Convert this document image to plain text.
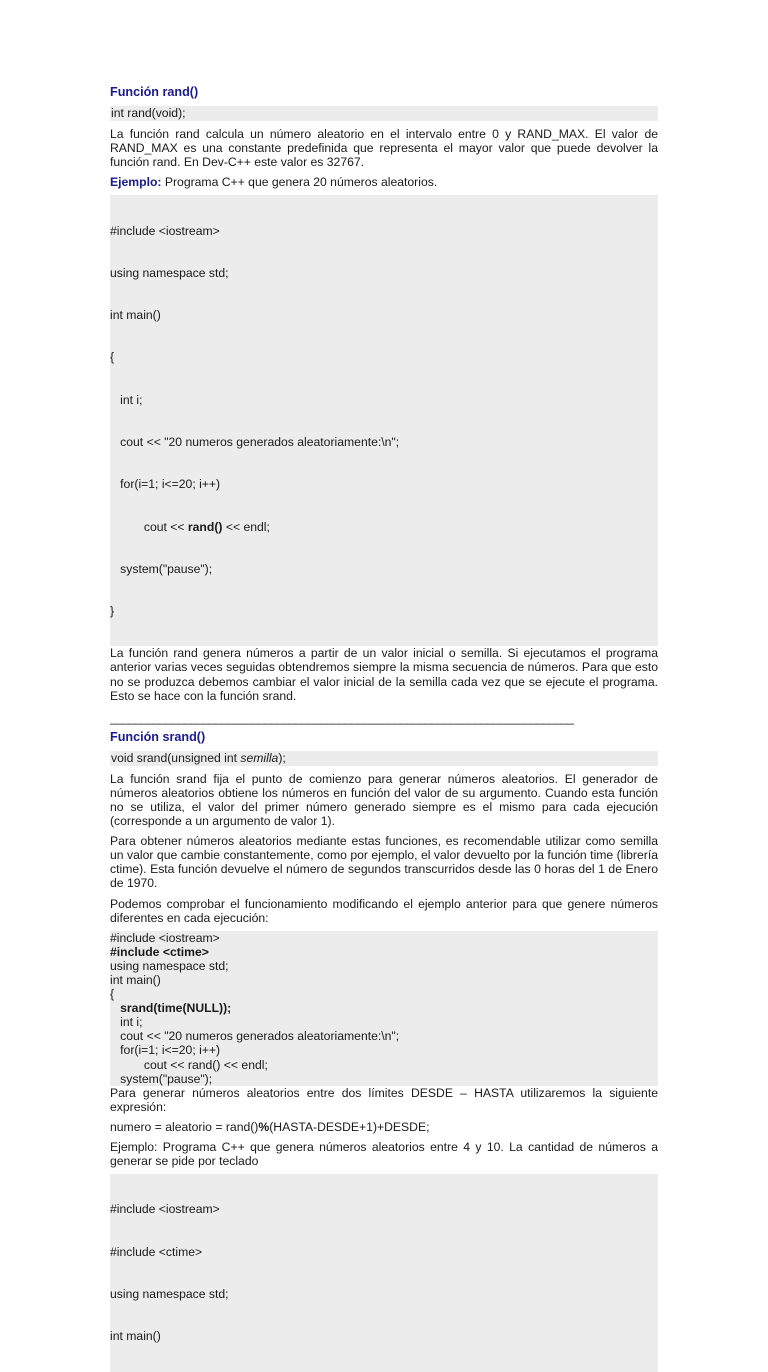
Función rand()
int rand(void);

La función rand calcula un número aleatorio en el intervalo entre 0 y RAND_MAX. El valor de RAND_MAX es una constante predefinida que representa el mayor valor que puede devolver la función rand. En Dev-C++ este valor es 32767.

Ejemplo: Programa C++ que genera 20 números aleatorios.

#include <iostream>

using namespace std;

int main()

{

int i;

cout << "20 numeros generados aleatoriamente:\n";

for(i=1; i<=20; i++)

cout << rand() << endl;

system("pause");

}

La función rand genera números a partir de un valor inicial o semilla. Si ejecutamos el programa anterior varias veces seguidas obtendremos siempre la misma secuencia de números. Para que esto no se produzca debemos cambiar el valor inicial de la semilla cada vez que se ejecute el programa. Esto se hace con la función srand.

___________________________________________________________________________
Función srand()
void srand(unsigned int semilla);

La función srand fija el punto de comienzo para generar números aleatorios. El generador de números aleatorios obtiene los números en función del valor de su argumento. Cuando esta función no se utiliza, el valor del primer número generado siempre es el mismo para cada ejecución (corresponde a un argumento de valor 1).

Para obtener números aleatorios mediante estas funciones, es recomendable utilizar como semilla un valor que cambie constantemente, como por ejemplo, el valor devuelto por la función time (librería ctime). Esta función devuelve el número de segundos transcurridos desde las 0 horas del 1 de Enero de 1970.

Podemos comprobar el funcionamiento modificando el ejemplo anterior para que genere números diferentes en cada ejecución:

#include <iostream>
#include <ctime>
using namespace std;
int main()
{
srand(time(NULL));
int i;
cout << "20 numeros generados aleatoriamente:\n";
for(i=1; i<=20; i++)
cout << rand() << endl;
system("pause");

Para generar números aleatorios entre dos límites DESDE – HASTA utilizaremos la siguiente expresión:

numero = aleatorio = rand()%(HASTA-DESDE+1)+DESDE;

Ejemplo: Programa C++ que genera números aleatorios entre 4 y 10. La cantidad de números a generar se pide por teclado

#include <iostream>

#include <ctime>

using namespace std;

int main()
